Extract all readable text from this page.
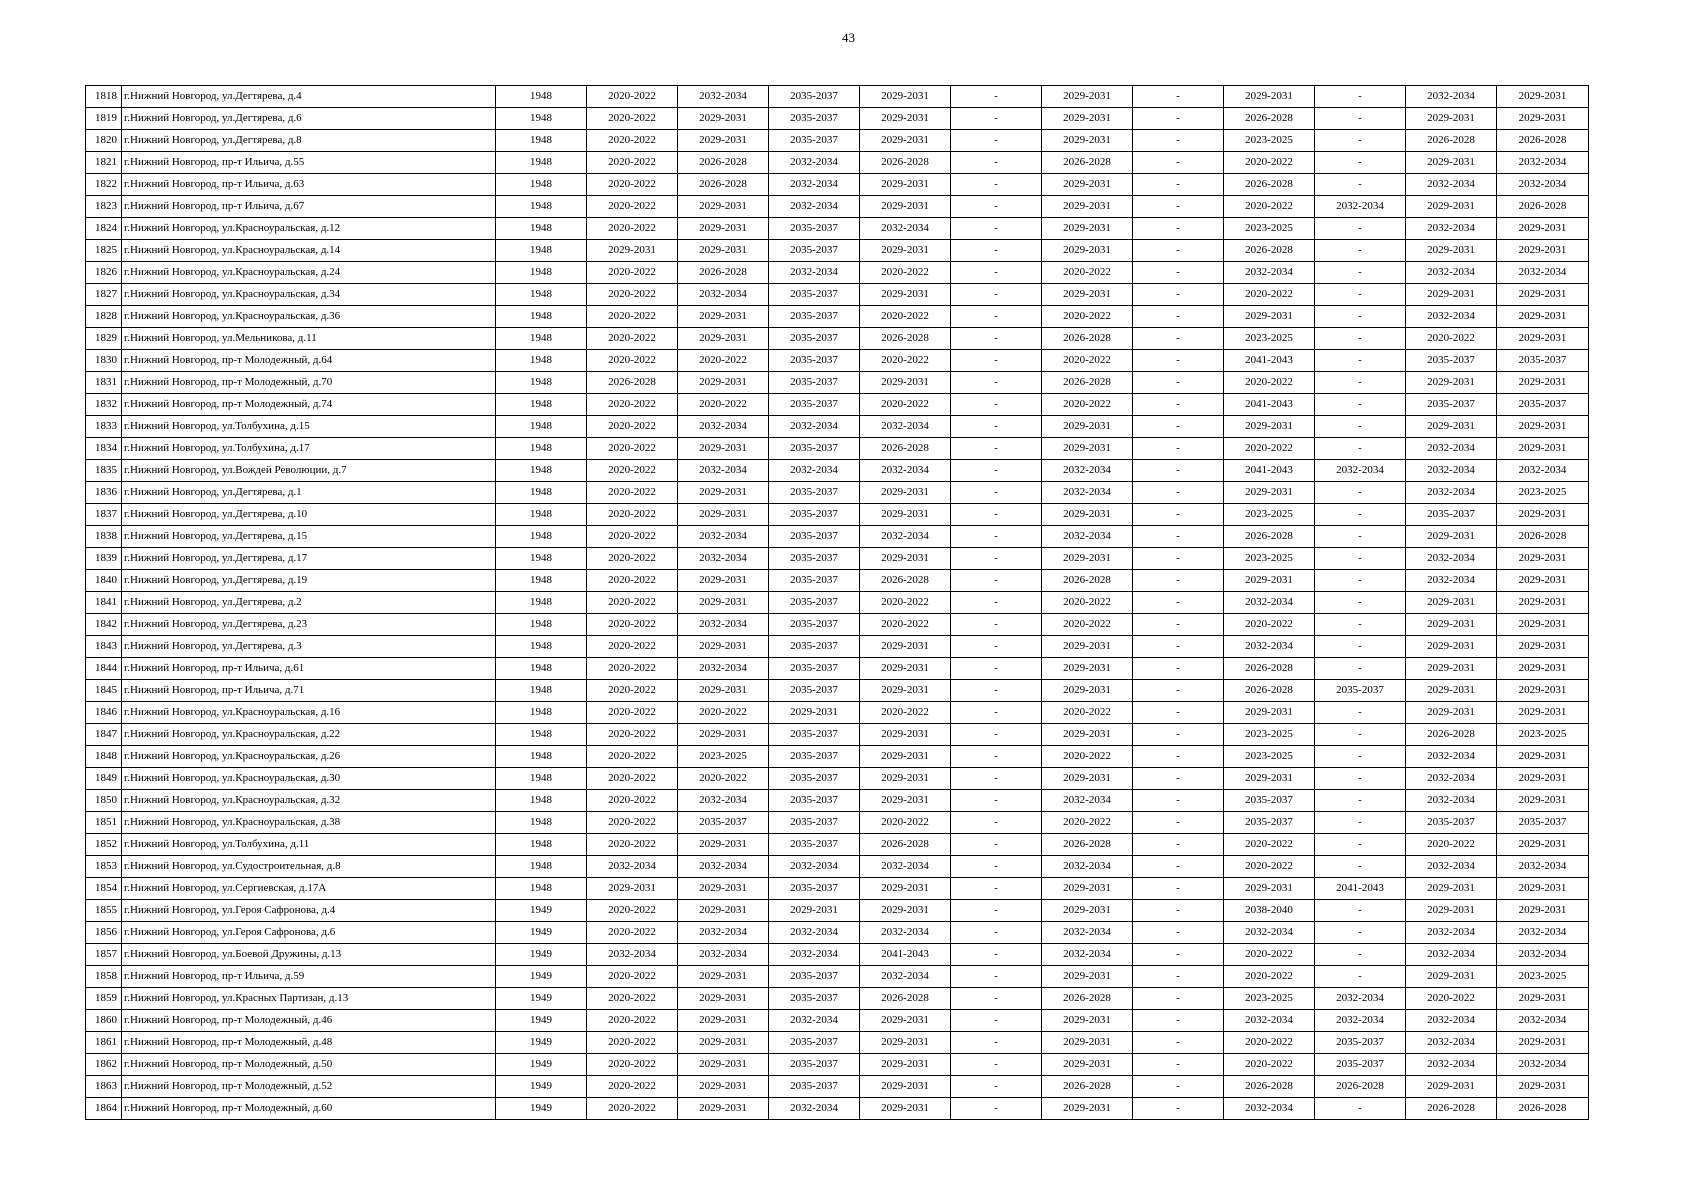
43
1818	г.Нижний Новгород, ул.Дегтярева, д.4	1948	2020-2022	2032-2034	2035-2037	2029-2031	-	2029-2031	-	2029-2031	-	2032-2034	2029-2031
1819	г.Нижний Новгород, ул.Дегтярева, д.6	1948	2020-2022	2029-2031	2035-2037	2029-2031	-	2029-2031	-	2026-2028	-	2029-2031	2029-2031
1820	г.Нижний Новгород, ул.Дегтярева, д.8	1948	2020-2022	2029-2031	2035-2037	2029-2031	-	2029-2031	-	2023-2025	-	2026-2028	2026-2028
1821	г.Нижний Новгород, пр-т Ильича, д.55	1948	2020-2022	2026-2028	2032-2034	2026-2028	-	2026-2028	-	2020-2022	-	2029-2031	2032-2034
1822	г.Нижний Новгород, пр-т Ильича, д.63	1948	2020-2022	2026-2028	2032-2034	2029-2031	-	2029-2031	-	2026-2028	-	2032-2034	2032-2034
1823	г.Нижний Новгород, пр-т Ильича, д.67	1948	2020-2022	2029-2031	2032-2034	2029-2031	-	2029-2031	-	2020-2022	2032-2034	2029-2031	2026-2028
1824	г.Нижний Новгород, ул.Красноуральская, д.12	1948	2020-2022	2029-2031	2035-2037	2032-2034	-	2029-2031	-	2023-2025	-	2032-2034	2029-2031
1825	г.Нижний Новгород, ул.Красноуральская, д.14	1948	2029-2031	2029-2031	2035-2037	2029-2031	-	2029-2031	-	2026-2028	-	2029-2031	2029-2031
1826	г.Нижний Новгород, ул.Красноуральская, д.24	1948	2020-2022	2026-2028	2032-2034	2020-2022	-	2020-2022	-	2032-2034	-	2032-2034	2032-2034
1827	г.Нижний Новгород, ул.Красноуральская, д.34	1948	2020-2022	2032-2034	2035-2037	2029-2031	-	2029-2031	-	2020-2022	-	2029-2031	2029-2031
1828	г.Нижний Новгород, ул.Красноуральская, д.36	1948	2020-2022	2029-2031	2035-2037	2020-2022	-	2020-2022	-	2029-2031	-	2032-2034	2029-2031
1829	г.Нижний Новгород, ул.Мельникова, д.11	1948	2020-2022	2029-2031	2035-2037	2026-2028	-	2026-2028	-	2023-2025	-	2020-2022	2029-2031
1830	г.Нижний Новгород, пр-т Молодежный, д.64	1948	2020-2022	2020-2022	2035-2037	2020-2022	-	2020-2022	-	2041-2043	-	2035-2037	2035-2037
1831	г.Нижний Новгород, пр-т Молодежный, д.70	1948	2026-2028	2029-2031	2035-2037	2029-2031	-	2026-2028	-	2020-2022	-	2029-2031	2029-2031
1832	г.Нижний Новгород, пр-т Молодежный, д.74	1948	2020-2022	2020-2022	2035-2037	2020-2022	-	2020-2022	-	2041-2043	-	2035-2037	2035-2037
1833	г.Нижний Новгород, ул.Толбухина, д.15	1948	2020-2022	2032-2034	2032-2034	2032-2034	-	2029-2031	-	2029-2031	-	2029-2031	2029-2031
1834	г.Нижний Новгород, ул.Толбухина, д.17	1948	2020-2022	2029-2031	2035-2037	2026-2028	-	2029-2031	-	2020-2022	-	2032-2034	2029-2031
1835	г.Нижний Новгород, ул.Вождей Революции, д.7	1948	2020-2022	2032-2034	2032-2034	2032-2034	-	2032-2034	-	2041-2043	2032-2034	2032-2034	2032-2034
1836	г.Нижний Новгород, ул.Дегтярева, д.1	1948	2020-2022	2029-2031	2035-2037	2029-2031	-	2032-2034	-	2029-2031	-	2032-2034	2023-2025
1837	г.Нижний Новгород, ул.Дегтярева, д.10	1948	2020-2022	2029-2031	2035-2037	2029-2031	-	2029-2031	-	2023-2025	-	2035-2037	2029-2031
1838	г.Нижний Новгород, ул.Дегтярева, д.15	1948	2020-2022	2032-2034	2035-2037	2032-2034	-	2032-2034	-	2026-2028	-	2029-2031	2026-2028
1839	г.Нижний Новгород, ул.Дегтярева, д.17	1948	2020-2022	2032-2034	2035-2037	2029-2031	-	2029-2031	-	2023-2025	-	2032-2034	2029-2031
1840	г.Нижний Новгород, ул.Дегтярева, д.19	1948	2020-2022	2029-2031	2035-2037	2026-2028	-	2026-2028	-	2029-2031	-	2032-2034	2029-2031
1841	г.Нижний Новгород, ул.Дегтярева, д.2	1948	2020-2022	2029-2031	2035-2037	2020-2022	-	2020-2022	-	2032-2034	-	2029-2031	2029-2031
1842	г.Нижний Новгород, ул.Дегтярева, д.23	1948	2020-2022	2032-2034	2035-2037	2020-2022	-	2020-2022	-	2020-2022	-	2029-2031	2029-2031
1843	г.Нижний Новгород, ул.Дегтярева, д.3	1948	2020-2022	2029-2031	2035-2037	2029-2031	-	2029-2031	-	2032-2034	-	2029-2031	2029-2031
1844	г.Нижний Новгород, пр-т Ильича, д.61	1948	2020-2022	2032-2034	2035-2037	2029-2031	-	2029-2031	-	2026-2028	-	2029-2031	2029-2031
1845	г.Нижний Новгород, пр-т Ильича, д.71	1948	2020-2022	2029-2031	2035-2037	2029-2031	-	2029-2031	-	2026-2028	2035-2037	2029-2031	2029-2031
1846	г.Нижний Новгород, ул.Красноуральская, д.16	1948	2020-2022	2020-2022	2029-2031	2020-2022	-	2020-2022	-	2029-2031	-	2029-2031	2029-2031
1847	г.Нижний Новгород, ул.Красноуральская, д.22	1948	2020-2022	2029-2031	2035-2037	2029-2031	-	2029-2031	-	2023-2025	-	2026-2028	2023-2025
1848	г.Нижний Новгород, ул.Красноуральская, д.26	1948	2020-2022	2023-2025	2035-2037	2029-2031	-	2020-2022	-	2023-2025	-	2032-2034	2029-2031
1849	г.Нижний Новгород, ул.Красноуральская, д.30	1948	2020-2022	2020-2022	2035-2037	2029-2031	-	2029-2031	-	2029-2031	-	2032-2034	2029-2031
1850	г.Нижний Новгород, ул.Красноуральская, д.32	1948	2020-2022	2032-2034	2035-2037	2029-2031	-	2032-2034	-	2035-2037	-	2032-2034	2029-2031
1851	г.Нижний Новгород, ул.Красноуральская, д.38	1948	2020-2022	2035-2037	2035-2037	2020-2022	-	2020-2022	-	2035-2037	-	2035-2037	2035-2037
1852	г.Нижний Новгород, ул.Толбухина, д.11	1948	2020-2022	2029-2031	2035-2037	2026-2028	-	2026-2028	-	2020-2022	-	2020-2022	2029-2031
1853	г.Нижний Новгород, ул.Судостроительная, д.8	1948	2032-2034	2032-2034	2032-2034	2032-2034	-	2032-2034	-	2020-2022	-	2032-2034	2032-2034
1854	г.Нижний Новгород, ул.Сергиевская, д.17А	1948	2029-2031	2029-2031	2035-2037	2029-2031	-	2029-2031	-	2029-2031	2041-2043	2029-2031	2029-2031
1855	г.Нижний Новгород, ул.Героя Сафронова, д.4	1949	2020-2022	2029-2031	2029-2031	2029-2031	-	2029-2031	-	2038-2040	-	2029-2031	2029-2031
1856	г.Нижний Новгород, ул.Героя Сафронова, д.6	1949	2020-2022	2032-2034	2032-2034	2032-2034	-	2032-2034	-	2032-2034	-	2032-2034	2032-2034
1857	г.Нижний Новгород, ул.Боевой Дружины, д.13	1949	2032-2034	2032-2034	2032-2034	2041-2043	-	2032-2034	-	2020-2022	-	2032-2034	2032-2034
1858	г.Нижний Новгород, пр-т Ильича, д.59	1949	2020-2022	2029-2031	2035-2037	2032-2034	-	2029-2031	-	2020-2022	-	2029-2031	2023-2025
1859	г.Нижний Новгород, ул.Красных Партизан, д.13	1949	2020-2022	2029-2031	2035-2037	2026-2028	-	2026-2028	-	2023-2025	2032-2034	2020-2022	2029-2031
1860	г.Нижний Новгород, пр-т Молодежный, д.46	1949	2020-2022	2029-2031	2032-2034	2029-2031	-	2029-2031	-	2032-2034	2032-2034	2032-2034	2032-2034
1861	г.Нижний Новгород, пр-т Молодежный, д.48	1949	2020-2022	2029-2031	2035-2037	2029-2031	-	2029-2031	-	2020-2022	2035-2037	2032-2034	2029-2031
1862	г.Нижний Новгород, пр-т Молодежный, д.50	1949	2020-2022	2029-2031	2035-2037	2029-2031	-	2029-2031	-	2020-2022	2035-2037	2032-2034	2032-2034
1863	г.Нижний Новгород, пр-т Молодежный, д.52	1949	2020-2022	2029-2031	2035-2037	2029-2031	-	2026-2028	-	2026-2028	2026-2028	2029-2031	2029-2031
1864	г.Нижний Новгород, пр-т Молодежный, д.60	1949	2020-2022	2029-2031	2032-2034	2029-2031	-	2029-2031	-	2032-2034	-	2026-2028	2026-2028
